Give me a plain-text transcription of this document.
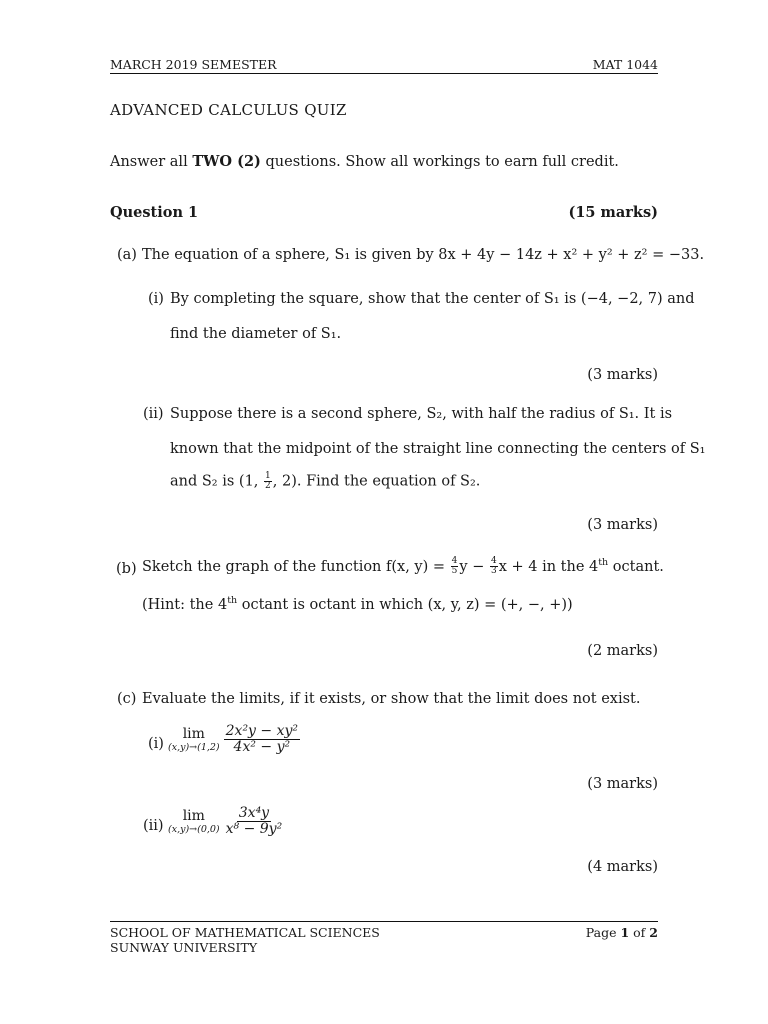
MARCH 2019 SEMESTER	MAT 1044
ADVANCED CALCULUS QUIZ
Answer all TWO (2) questions. Show all workings to earn full credit.
Question 1	(15 marks)
(a) The equation of a sphere, S₁ is given by 8x + 4y − 14z + x² + y² + z² = −33.
(i) By completing the square, show that the center of S₁ is (−4, −2, 7) and
find the diameter of S₁.
(3 marks)
(ii) Suppose there is a second sphere, S₂, with half the radius of S₁. It is
known that the midpoint of the straight line connecting the centers of S₁
and S₂ is (1, $\frac{1}{2}$ , 2). Find the equation of S₂.
(3 marks)
(b) Sketch the graph of the function f(x, $y) = \frac{4}{5}$ $y - \frac{4}{3}$ x + 4 in the 4th octant.
(Hint: the 4th octant is octant in which (x, y, z) = (+, −, +))
(2 marks)
(c) Evaluate the limits, if it exists, or show that the limit does not exist.
(i)
lim
$(x,y)\to(1,2) \frac{\text{2x²y − xy²}}{\text{4x² − y²}}$
(3 marks)
(ii)
lim
$(x,y)\to(0,0) \frac{\text{3x⁴y}}{\text{x⁸ − 9y²}}$
(4 marks)
SCHOOL OF MATHEMATICAL SCIENCES
SUNWAY UNIVERSITY
Page 1 of 2
